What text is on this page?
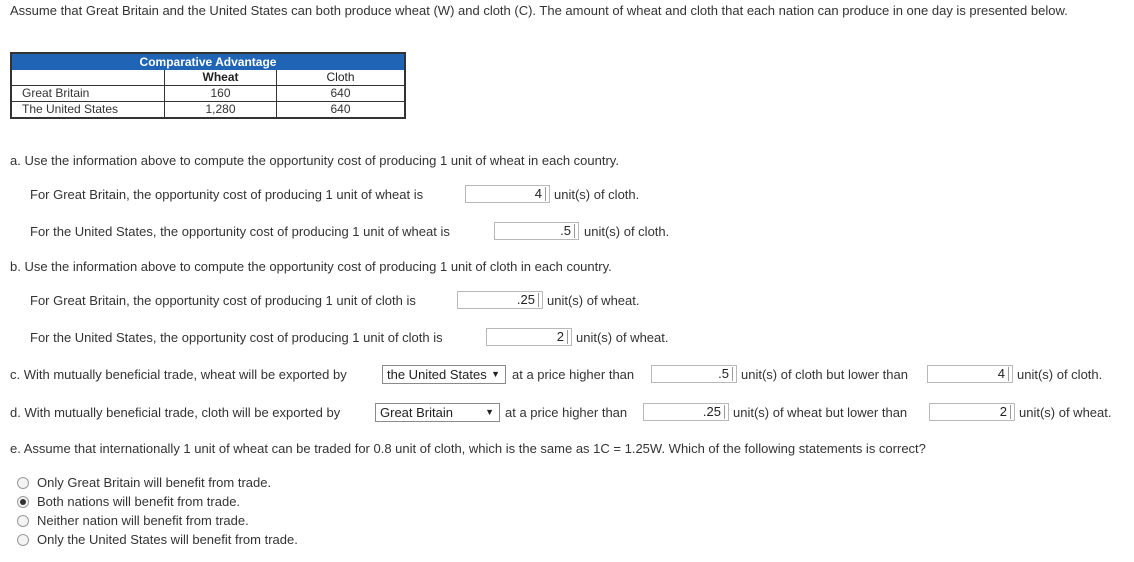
Assume that Great Britain and the United States can both produce wheat (W) and cloth (C). The amount of wheat and cloth that each nation can produce in one day is presented below.
Comparative Advantage		
	Wheat	Cloth
Great Britain	160	640
The United States	1,280	640
a. Use the information above to compute the opportunity cost of producing 1 unit of wheat in each country.
For Great Britain, the opportunity cost of producing 1 unit of wheat is	4 unit(s) of cloth.
For the United States, the opportunity cost of producing 1 unit of wheat is	.5	unit(s) of cloth.
b. Use the information above to compute the opportunity cost of producing 1 unit of cloth in each country.
For Great Britain, the opportunity cost of producing 1 unit of cloth is	.25 unit(s) of wheat.
For the United States, the opportunity cost of producing 1 unit of cloth is	2 unit(s) of wheat.
c. With mutually beneficial trade, wheat will be exported by	the United States ▼ at a price higher than	.5 unit(s) of cloth but lower than	4 unit(s) of cloth.
d. With mutually beneficial trade, cloth will be exported by	Great Britain	▼ at a price higher than	.25 unit(s) of wheat but lower than	2 unit(s) of wheat.
e. Assume that internationally 1 unit of wheat can be traded for 0.8 unit of cloth, which is the same as 1C = 1.25W. Which of the following statements is correct?
Only Great Britain will benefit from trade.
Both nations will benefit from trade.
Neither nation will benefit from trade.
Only the United States will benefit from trade.
